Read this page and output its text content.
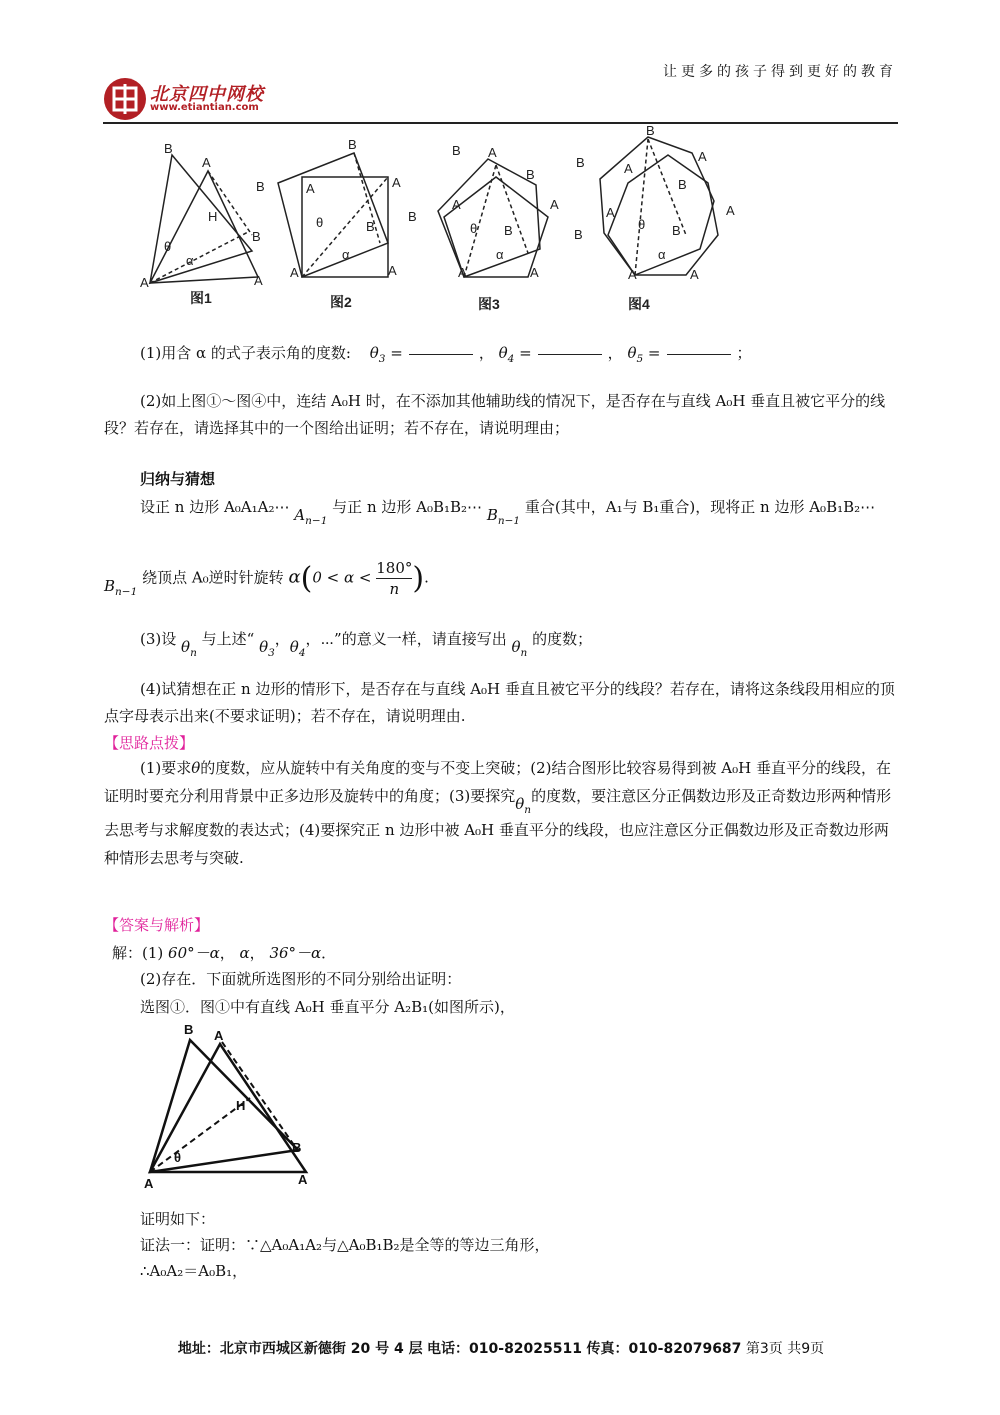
北京四中网校
www.etiantian.com
让更多的孩子得到更好的教育
B
A
H
B
A
A
θ
α
B
A
B	A
B
A	A
θ
α
B A
B
A
B
A
B
A	A
θ
α
B
B	A
A
B
A
A
B
θ B
A	A
α
图1	图2	图3	图4
(1)用含 α 的式子表示角的度数: $\theta_3$ =	， $\theta_4$ =	， $\theta_5$ =	；
(2)如上图①～图④中，连结 A₀H 时，在不添加其他辅助线的情况下，是否存在与直线 A₀H 垂直且被它平分的线段？若存在，请选择其中的一个图给出证明；若不存在，请说明理由；
归纳与猜想
设正 n 边形 A₀A₁A₂⋯ $A_{n-1}$ 与正 n 边形 A₀B₁B₂⋯ $B_{n-1}$ 重合(其中，A₁与 B₁重合)，现将正 n 边形 A₀B₁B₂⋯
$B_{n-1}$ 绕顶点 A₀逆时针旋转 $\alpha(0 < \alpha < \frac{180^\circ}{n}$ ).
(3)设 $\theta_n$ 与上述“ $\theta_3$，$\theta_4$，⋯”的意义一样，请直接写出 $\theta_n$ 的度数；
(4)试猜想在正 n 边形的情形下，是否存在与直线 A₀H 垂直且被它平分的线段？若存在，请将这条线段用相应的顶点字母表示出来(不要求证明)；若不存在，请说明理由.
【思路点拨】
(1)要求θ的度数，应从旋转中有关角度的变与不变上突破；(2)结合图形比较容易得到被 A₀H 垂直平分的线段，在证明时要充分利用背景中正多边形及旋转中的角度；(3)要探究$\theta_n$的度数，要注意区分正偶数边形及正奇数边形两种情形去思考与求解度数的表达式；(4)要探究正 n 边形中被 A₀H 垂直平分的线段，也应注意区分正偶数边形及正奇数边形两种情形去思考与突破.
【答案与解析】
解：(1) 60°－α， α， 36°－α．
(2)存在．下面就所选图形的不同分别给出证明：
选图①．图①中有直线 A₀H 垂直平分 A₂B₁(如图所示)，
B A
H
B
A
A
θ
证明如下：
证法一：证明：∵△A₀A₁A₂与△A₀B₁B₂是全等的等边三角形，
∴A₀A₂＝A₀B₁，
地址：北京市西城区新德街 20 号 4 层 电话：010-82025511 传真：010-82079687 第3页 共9页
